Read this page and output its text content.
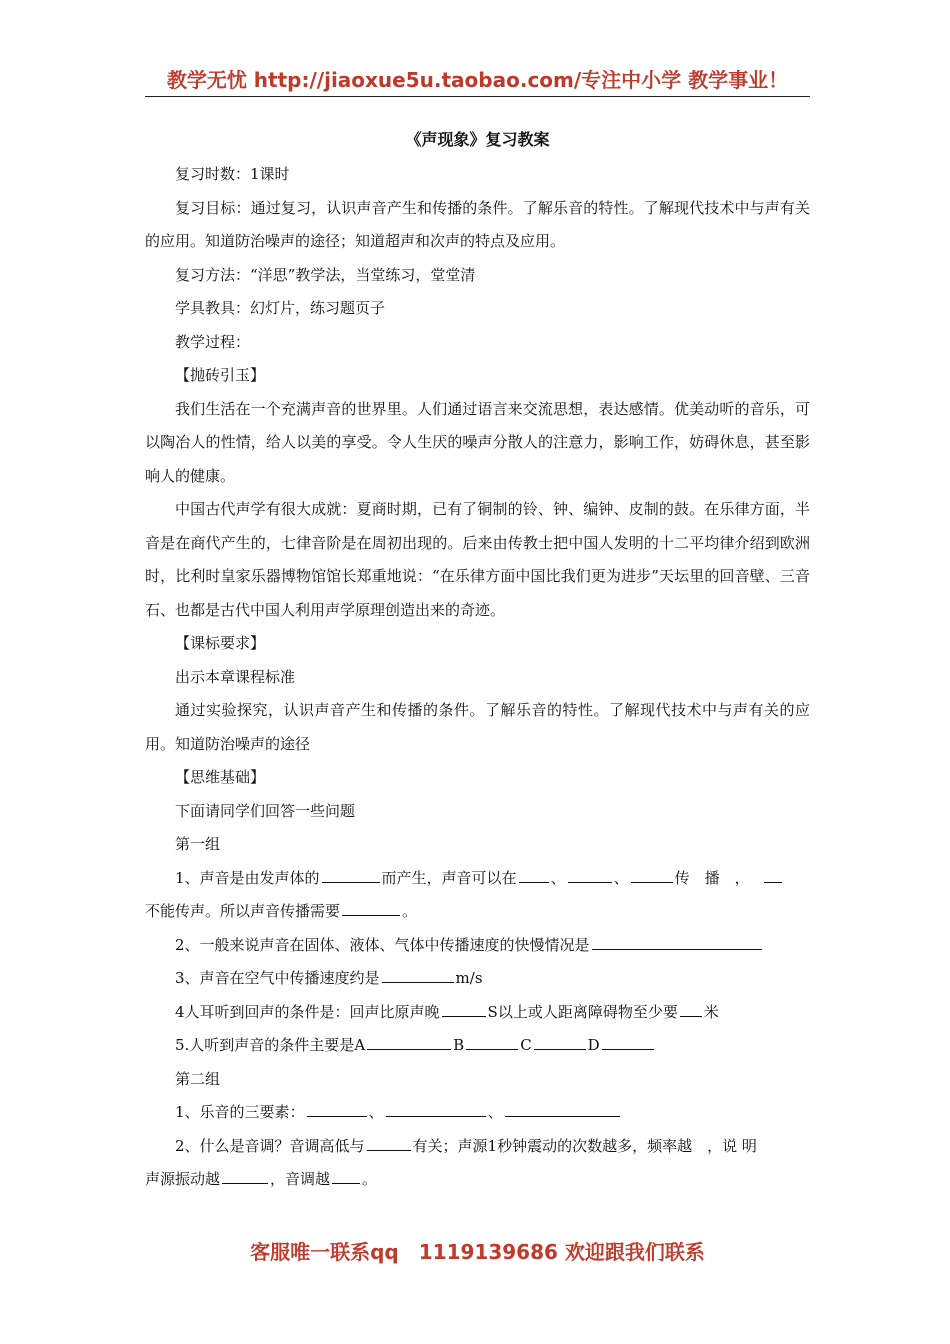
教学无忧 http://jiaoxue5u.taobao.com/专注中小学 教学事业！
《声现象》复习教案

复习时数：1课时

复习目标：通过复习，认识声音产生和传播的条件。了解乐音的特性。了解现代技术中与声有关的应用。知道防治噪声的途径；知道超声和次声的特点及应用。

复习方法：“洋思”教学法，当堂练习，堂堂清

学具教具：幻灯片，练习题页子

教学过程：

【抛砖引玉】

我们生活在一个充满声音的世界里。人们通过语言来交流思想，表达感情。优美动听的音乐，可以陶冶人的性情，给人以美的享受。令人生厌的噪声分散人的注意力，影响工作，妨碍休息，甚至影响人的健康。

中国古代声学有很大成就：夏商时期，已有了铜制的铃、钟、编钟、皮制的鼓。在乐律方面，半音是在商代产生的，七律音阶是在周初出现的。后来由传教士把中国人发明的十二平均律介绍到欧洲时，比利时皇家乐器博物馆馆长郑重地说：“在乐律方面中国比我们更为进步”天坛里的回音壁、三音石、也都是古代中国人利用声学原理创造出来的奇迹。

【课标要求】

出示本章课程标准

通过实验探究，认识声音产生和传播的条件。了解乐音的特性。了解现代技术中与声有关的应用。知道防治噪声的途径

【思维基础】

下面请同学们回答一些问题

第一组

1、声音是由发声体的	而产生，声音可以在 、	、	传　播　，

不能传声。所以声音传播需要	。

2、一般来说声音在固体、液体、气体中传播速度的快慢情况是

3、声音在空气中传播速度约是	m/s

4人耳听到回声的条件是：回声比原声晚	S以上或人距离障碍物至少要 米

5.人听到声音的条件主要是A	B	C	D

第二组

1、乐音的三要素：	、	、

2、什么是音调？音调高低与	有关；声源1秒钟震动的次数越多，频率越　，说 明

声源振动越	，音调越 。

客服唯一联系qq　1119139686 欢迎跟我们联系
